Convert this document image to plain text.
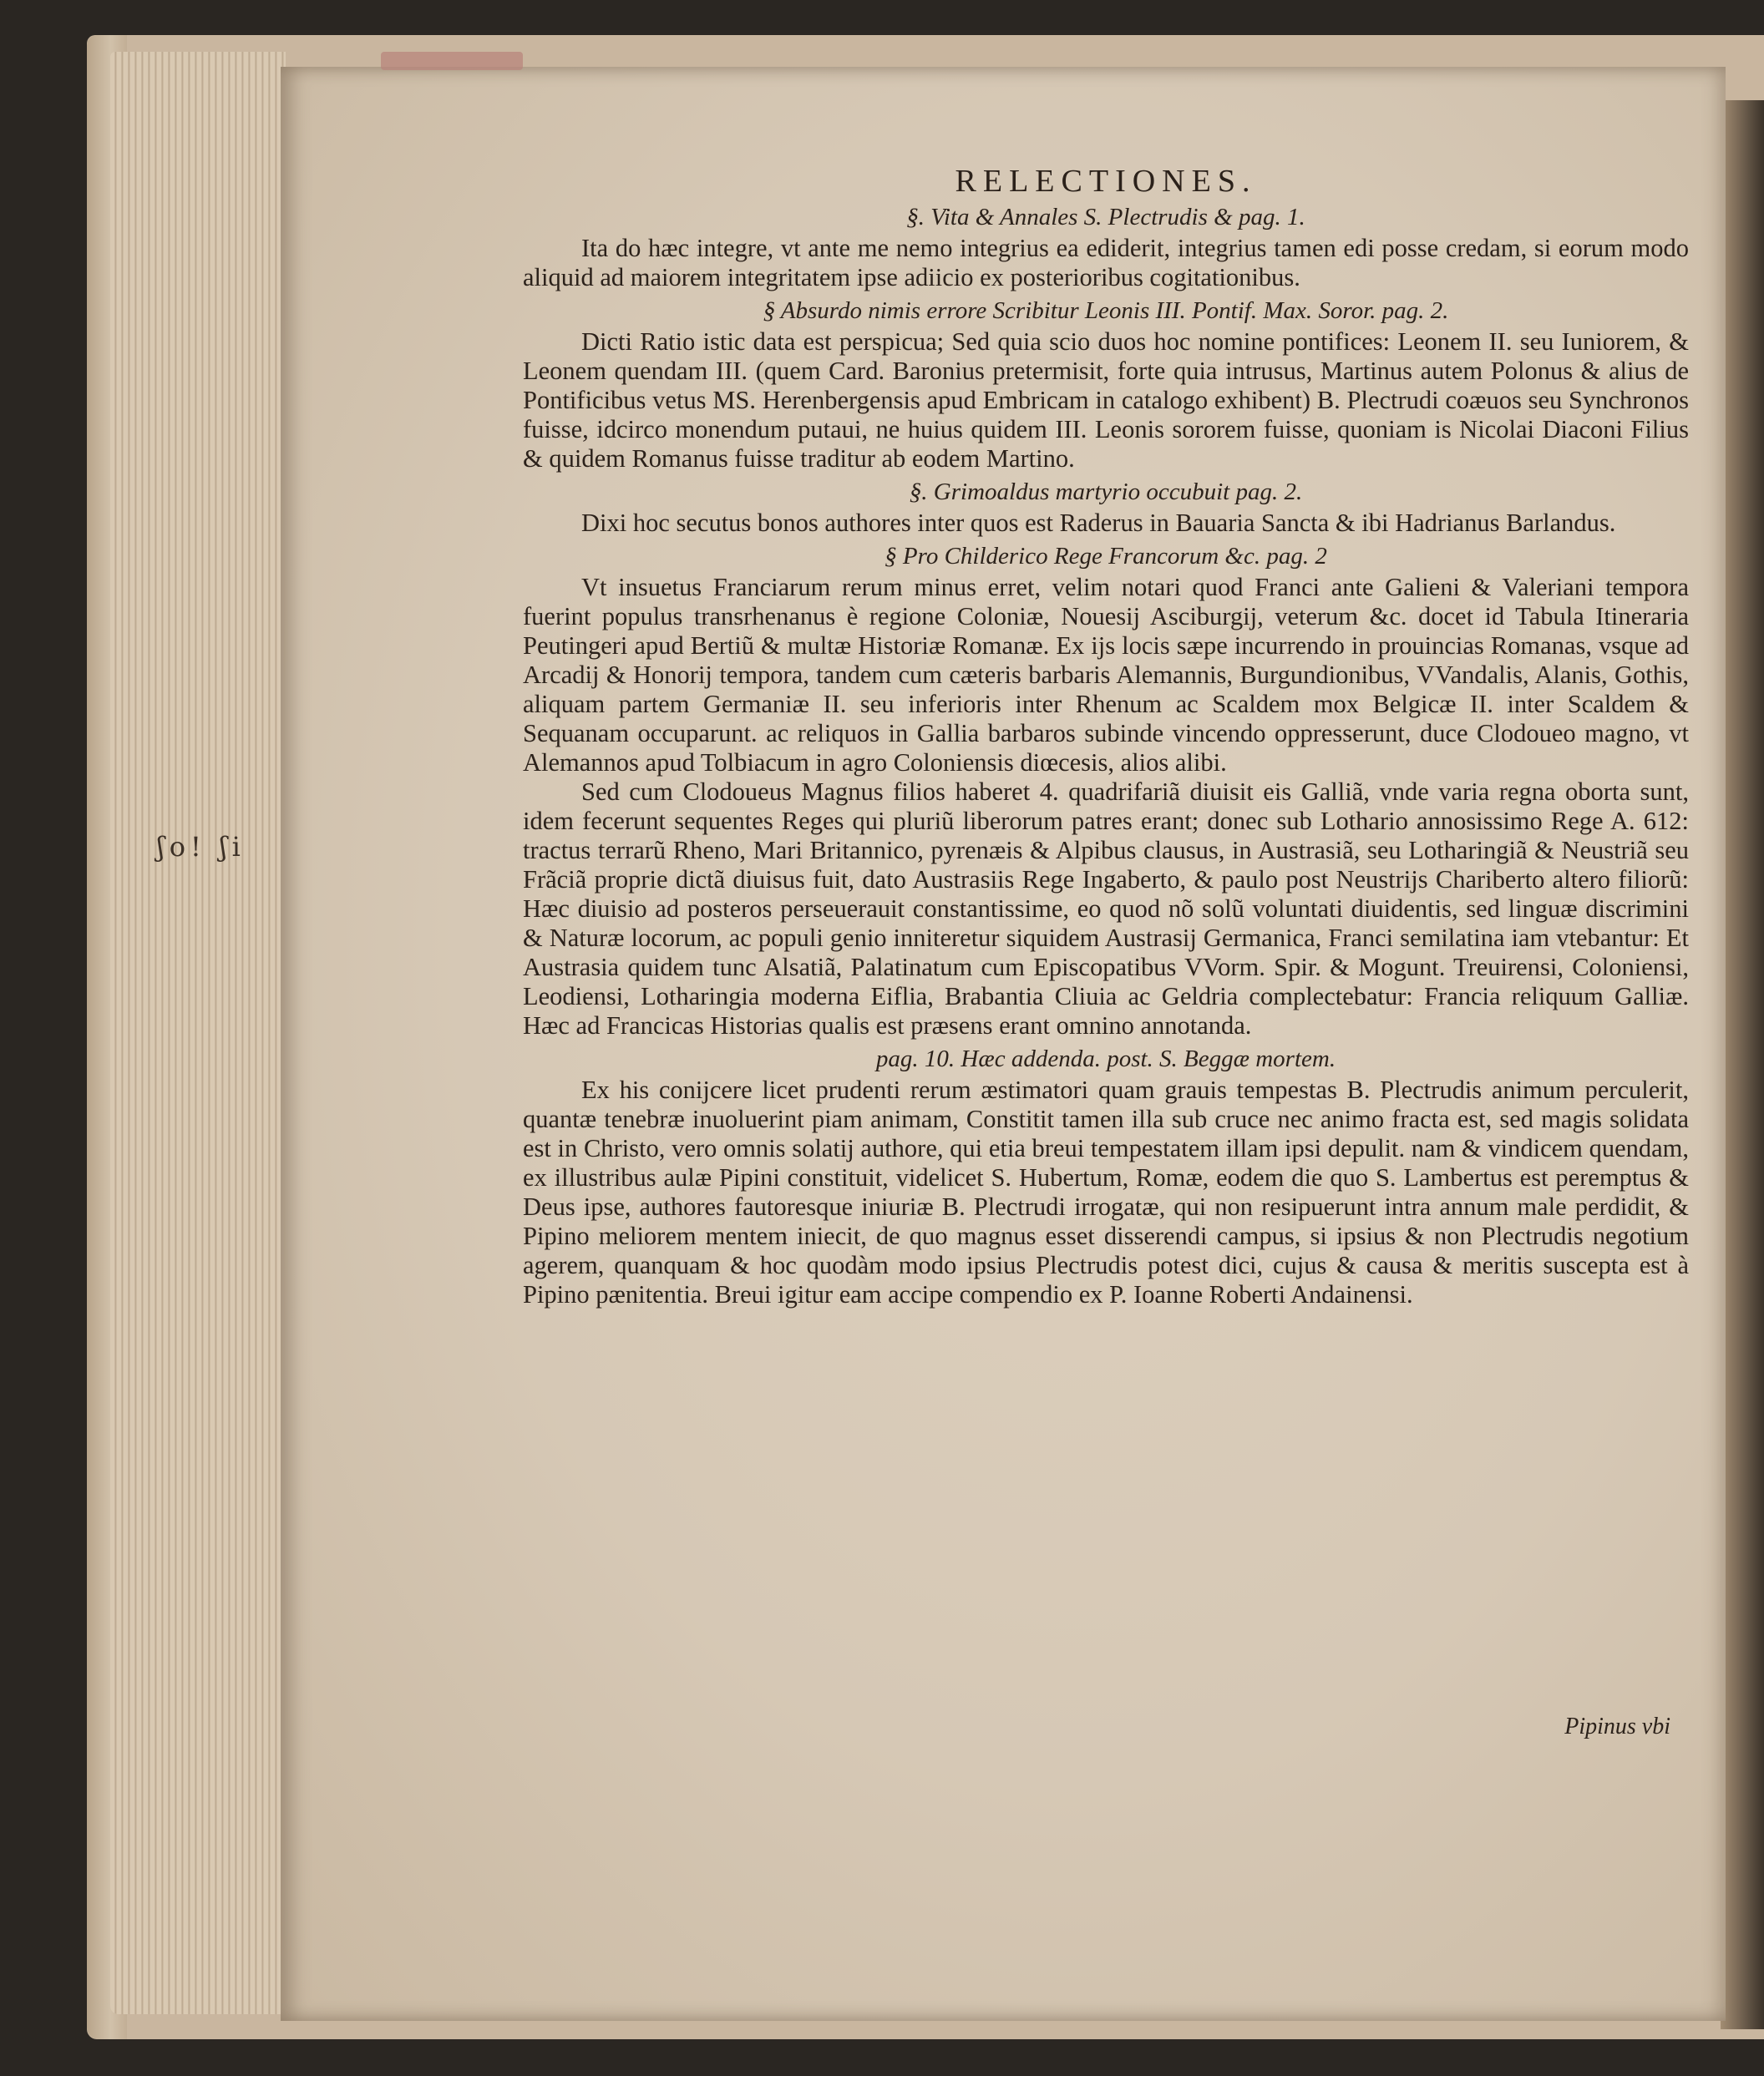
ʃo! ʃi
RELECTIONES.
§. Vita & Annales S. Plectrudis & pag. 1.

Ita do hæc integre, vt ante me nemo integrius ea ediderit, integrius tamen edi posse credam, si eorum modo aliquid ad maiorem integritatem ipse adiicio ex posterioribus cogitationibus.

§ Absurdo nimis errore Scribitur Leonis III. Pontif. Max. Soror. pag. 2.

Dicti Ratio istic data est perspicua; Sed quia scio duos hoc nomine pontifices: Leonem II. seu Iuniorem, & Leonem quendam III. (quem Card. Baronius pretermisit, forte quia intrusus, Martinus autem Polonus & alius de Pontificibus vetus MS. Herenbergensis apud Embricam in catalogo exhibent) B. Plectrudi coæuos seu Synchronos fuisse, idcirco monendum putaui, ne huius quidem III. Leonis sororem fuisse, quoniam is Nicolai Diaconi Filius & quidem Romanus fuisse traditur ab eodem Martino.

§. Grimoaldus martyrio occubuit pag. 2.

Dixi hoc secutus bonos authores inter quos est Raderus in Bauaria Sancta & ibi Hadrianus Barlandus.

§ Pro Childerico Rege Francorum &c. pag. 2

Vt insuetus Franciarum rerum minus erret, velim notari quod Franci ante Galieni & Valeriani tempora fuerint populus transrhenanus è regione Coloniæ, Nouesij Asciburgij, veterum &c. docet id Tabula Itineraria Peutingeri apud Bertiũ & multæ Historiæ Romanæ. Ex ijs locis sæpe incurrendo in prouincias Romanas, vsque ad Arcadij & Honorij tempora, tandem cum cæteris barbaris Alemannis, Burgundionibus, VVandalis, Alanis, Gothis, aliquam partem Germaniæ II. seu inferioris inter Rhenum ac Scaldem mox Belgicæ II. inter Scaldem & Sequanam occuparunt. ac reliquos in Gallia barbaros subinde vincendo oppresserunt, duce Clodoueo magno, vt Alemannos apud Tolbiacum in agro Coloniensis diœcesis, alios alibi.

Sed cum Clodoueus Magnus filios haberet 4. quadrifariã diuisit eis Galliã, vnde varia regna oborta sunt, idem fecerunt sequentes Reges qui pluriũ liberorum patres erant; donec sub Lothario annosissimo Rege A. 612: tractus terrarũ Rheno, Mari Britannico, pyrenæis & Alpibus clausus, in Austrasiã, seu Lotharingiã & Neustriã seu Frãciã proprie dictã diuisus fuit, dato Austrasiis Rege Ingaberto, & paulo post Neustrijs Chariberto altero filiorũ: Hæc diuisio ad posteros perseuerauit constantissime, eo quod nõ solũ voluntati diuidentis, sed linguæ discrimini & Naturæ locorum, ac populi genio inniteretur siquidem Austrasij Germanica, Franci semilatina iam vtebantur: Et Austrasia quidem tunc Alsatiã, Palatinatum cum Episcopatibus VVorm. Spir. & Mogunt. Treuirensi, Coloniensi, Leodiensi, Lotharingia moderna Eiflia, Brabantia Cliuia ac Geldria complectebatur: Francia reliquum Galliæ. Hæc ad Francicas Historias qualis est præsens erant omnino annotanda.

pag. 10. Hæc addenda. post. S. Beggæ mortem.

Ex his conijcere licet prudenti rerum æstimatori quam grauis tempestas B. Plectrudis animum perculerit, quantæ tenebræ inuoluerint piam animam, Constitit tamen illa sub cruce nec animo fracta est, sed magis solidata est in Christo, vero omnis solatij authore, qui etia breui tempestatem illam ipsi depulit. nam & vindicem quendam, ex illustribus aulæ Pipini constituit, videlicet S. Hubertum, Romæ, eodem die quo S. Lambertus est peremptus & Deus ipse, authores fautoresque iniuriæ B. Plectrudi irrogatæ, qui non resipuerunt intra annum male perdidit, & Pipino meliorem mentem iniecit, de quo magnus esset disserendi campus, si ipsius & non Plectrudis negotium agerem, quanquam & hoc quodàm modo ipsius Plectrudis potest dici, cujus & causa & meritis suscepta est à Pipino pænitentia. Breui igitur eam accipe compendio ex P. Ioanne Roberti Andainensi.

Pipinus vbi
